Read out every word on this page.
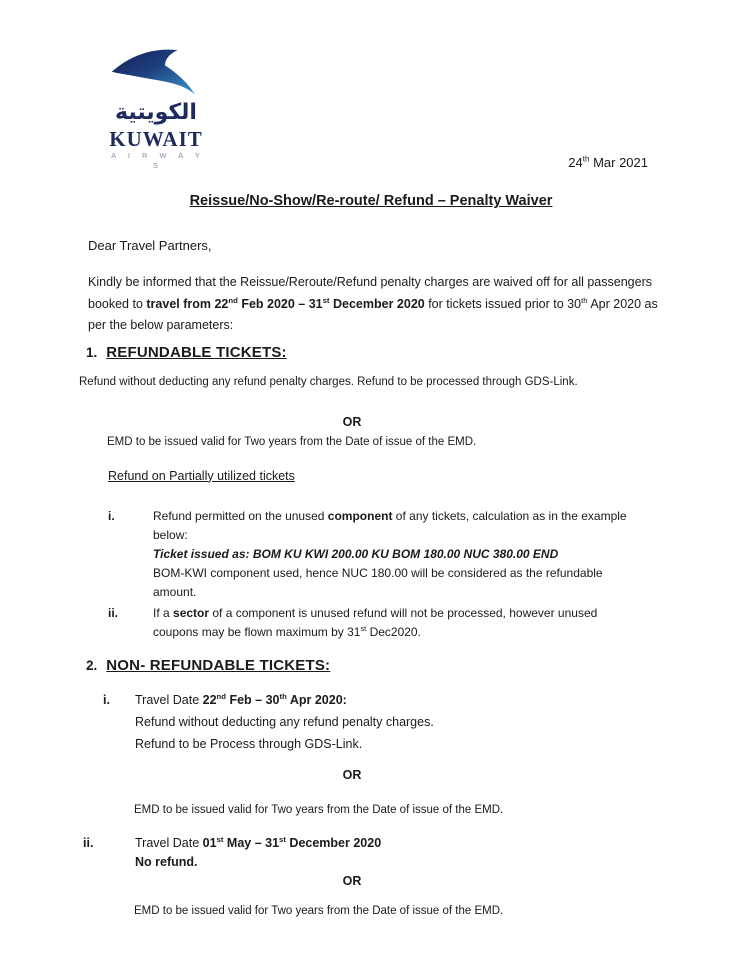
الكويتية
KUWAIT
A I R W A Y S	24th Mar 2021
Reissue/No-Show/Re-route/ Refund – Penalty Waiver
Dear Travel Partners,
Kindly be informed that the Reissue/Reroute/Refund penalty charges are waived off for all passengers
booked to travel from 22nd Feb 2020 – 31st December 2020 for tickets issued prior to 30th Apr 2020 as
per the below parameters:
1. REFUNDABLE TICKETS:
Refund without deducting any refund penalty charges. Refund to be processed through GDS-Link.
OR
EMD to be issued valid for Two years from the Date of issue of the EMD.
Refund on Partially utilized tickets
i.	Refund permitted on the unused component of any tickets, calculation as in the example
below:
Ticket issued as: BOM KU KWI 200.00 KU BOM 180.00 NUC 380.00 END
BOM-KWI component used, hence NUC 180.00 will be considered as the refundable
amount.
ii.	If a sector of a component is unused refund will not be processed, however unused
coupons may be flown maximum by 31st Dec2020.
2. NON- REFUNDABLE TICKETS:
i.	Travel Date 22nd Feb – 30th Apr 2020:
Refund without deducting any refund penalty charges.
Refund to be Process through GDS-Link.
OR
EMD to be issued valid for Two years from the Date of issue of the EMD.
ii.	Travel Date 01st May – 31st December 2020
No refund.
OR
EMD to be issued valid for Two years from the Date of issue of the EMD.
